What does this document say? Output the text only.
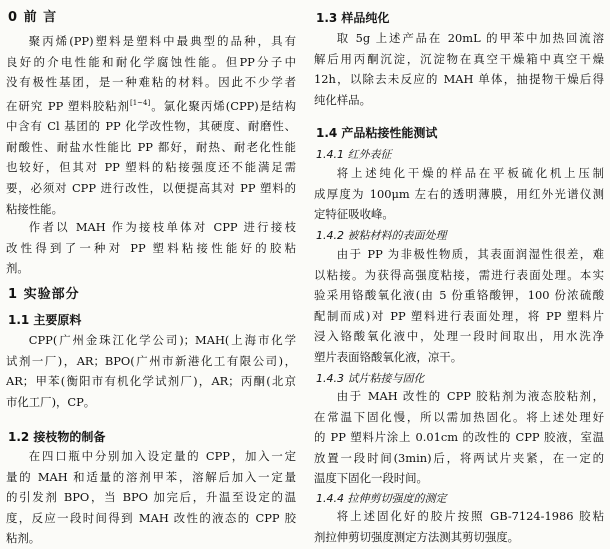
0 前 言
聚丙烯(PP)塑料是塑料中最典型的品种，具有
良好的介电性能和耐化学腐蚀性能。但PP分子中
没有极性基团，是一种难粘的材料。因此不少学者
在研究 PP 塑料胶粘剂[1~4]。氯化聚丙烯(CPP)是结构
中含有 Cl 基团的 PP 化学改性物，其硬度、耐磨性、
耐酸性、耐盐水性能比 PP 都好，耐热、耐老化性能
也较好，但其对 PP 塑料的粘接强度还不能满足需
要，必须对 CPP 进行改性，以便提高其对 PP 塑料的
粘接性能。
作者以 MAH 作为接枝单体对 CPP 进行接枝
改性得到了一种对 PP 塑料粘接性能好的胶粘
剂。
1 实验部分
1.1 主要原料
CPP(广州金珠江化学公司)；MAH(上海市化学
试剂一厂)，AR；BPO(广州市新港化工有限公司)，
AR；甲苯(衡阳市有机化学试剂厂)，AR；丙酮(北京
市化工厂)，CP。
1.2 接枝物的制备
在四口瓶中分别加入设定量的 CPP，加入一定
量的 MAH 和适量的溶剂甲苯，溶解后加入一定量
的引发剂 BPO，当 BPO 加完后，升温至设定的温
度，反应一段时间得到 MAH 改性的液态的 CPP 胶
粘剂。
1.3 样品纯化
取 5g 上述产品在 20mL 的甲苯中加热回流溶
解后用丙酮沉淀，沉淀物在真空干燥箱中真空干燥
12h，以除去未反应的 MAH 单体，抽提物干燥后得
纯化样品。
1.4 产品粘接性能测试
1.4.1 红外表征
将上述纯化干燥的样品在平板硫化机上压制
成厚度为 100μm 左右的透明薄膜，用红外光谱仪测
定特征吸收峰。
1.4.2 被粘材料的表面处理
由于 PP 为非极性物质，其表面润湿性很差，难
以粘接。为获得高强度粘接，需进行表面处理。本实
验采用铬酸氧化液(由 5 份重铬酸钾，100 份浓硫酸
配制而成)对 PP 塑料进行表面处理，将 PP 塑料片
浸入铬酸氧化液中，处理一段时间取出，用水洗净
塑片表面铬酸氧化液，凉干。
1.4.3 试片粘接与固化
由于 MAH 改性的 CPP 胶粘剂为液态胶粘剂，
在常温下固化慢，所以需加热固化。将上述处理好
的 PP 塑料片涂上 0.01cm 的改性的 CPP 胶液，室温
放置一段时间(3min)后，将两试片夹紧，在一定的
温度下固化一段时间。
1.4.4 拉伸剪切强度的测定
将上述固化好的胶片按照 GB-7124-1986 胶粘
剂拉伸剪切强度测定方法测其剪切强度。
